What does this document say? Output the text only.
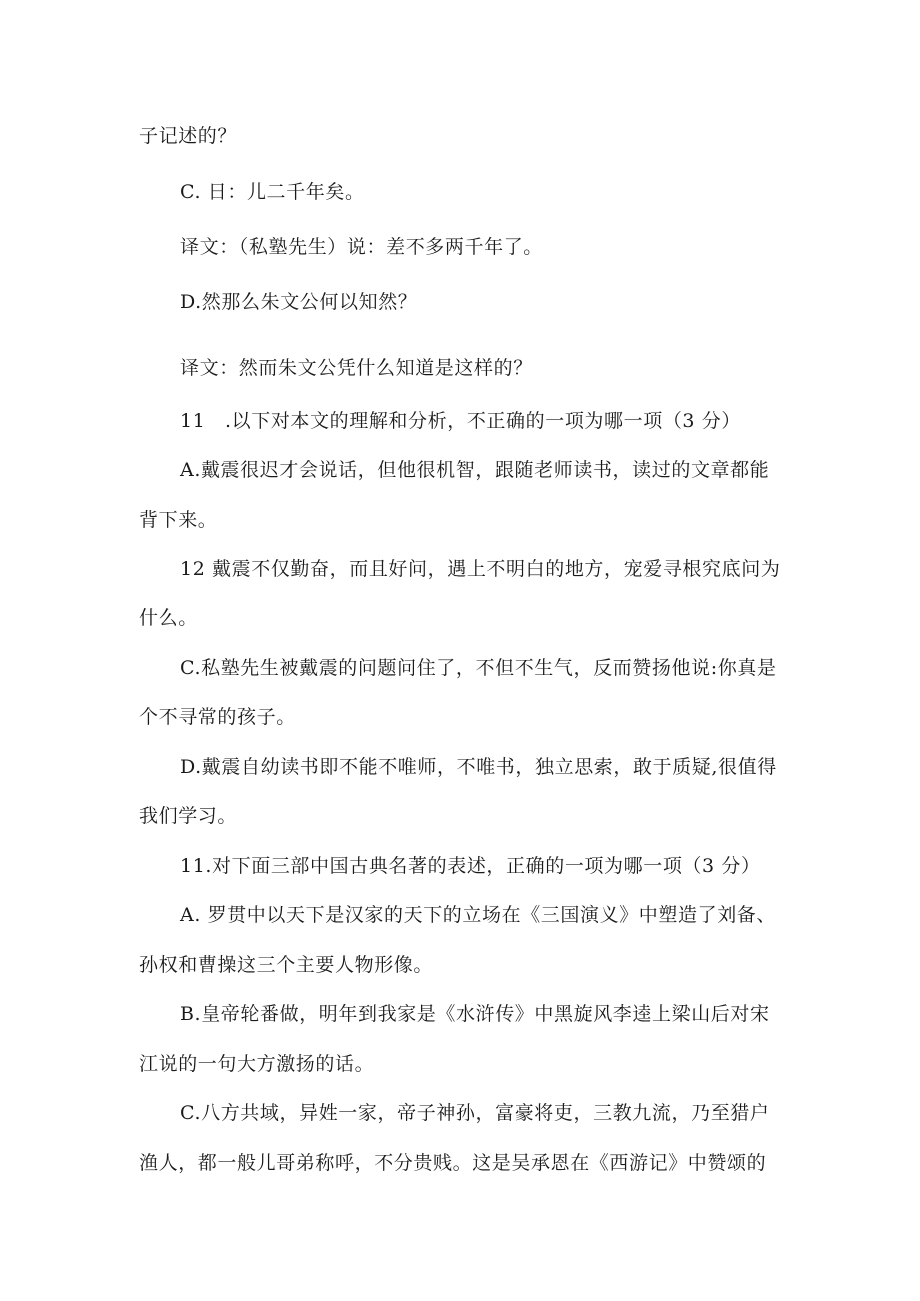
子记述的？
C. 日：儿二千年矣。
译文：（私塾先生）说：差不多两千年了。
D.然那么朱文公何以知然？
译文：然而朱文公凭什么知道是这样的？
11　.以下对本文的理解和分析，不正确的一项为哪一项（3 分）
A.戴震很迟才会说话，但他很机智，跟随老师读书，读过的文章都能
背下来。
12 戴震不仅勤奋，而且好问，遇上不明白的地方，宠爱寻根究底问为
什么。
C.私塾先生被戴震的问题问住了，不但不生气，反而赞扬他说:你真是
个不寻常的孩子。
D.戴震自幼读书即不能不唯师，不唯书，独立思索，敢于质疑,很值得
我们学习。
11.对下面三部中国古典名著的表述，正确的一项为哪一项（3 分）
A. 罗贯中以天下是汉家的天下的立场在《三国演义》中塑造了刘备、
孙权和曹操这三个主要人物形像。
B.皇帝轮番做，明年到我家是《水浒传》中黑旋风李逵上梁山后对宋
江说的一句大方激扬的话。
C.八方共域，异姓一家，帝子神孙，富豪将吏，三教九流，乃至猎户
渔人，都一般儿哥弟称呼，不分贵贱。这是吴承恩在《西游记》中赞颂的
